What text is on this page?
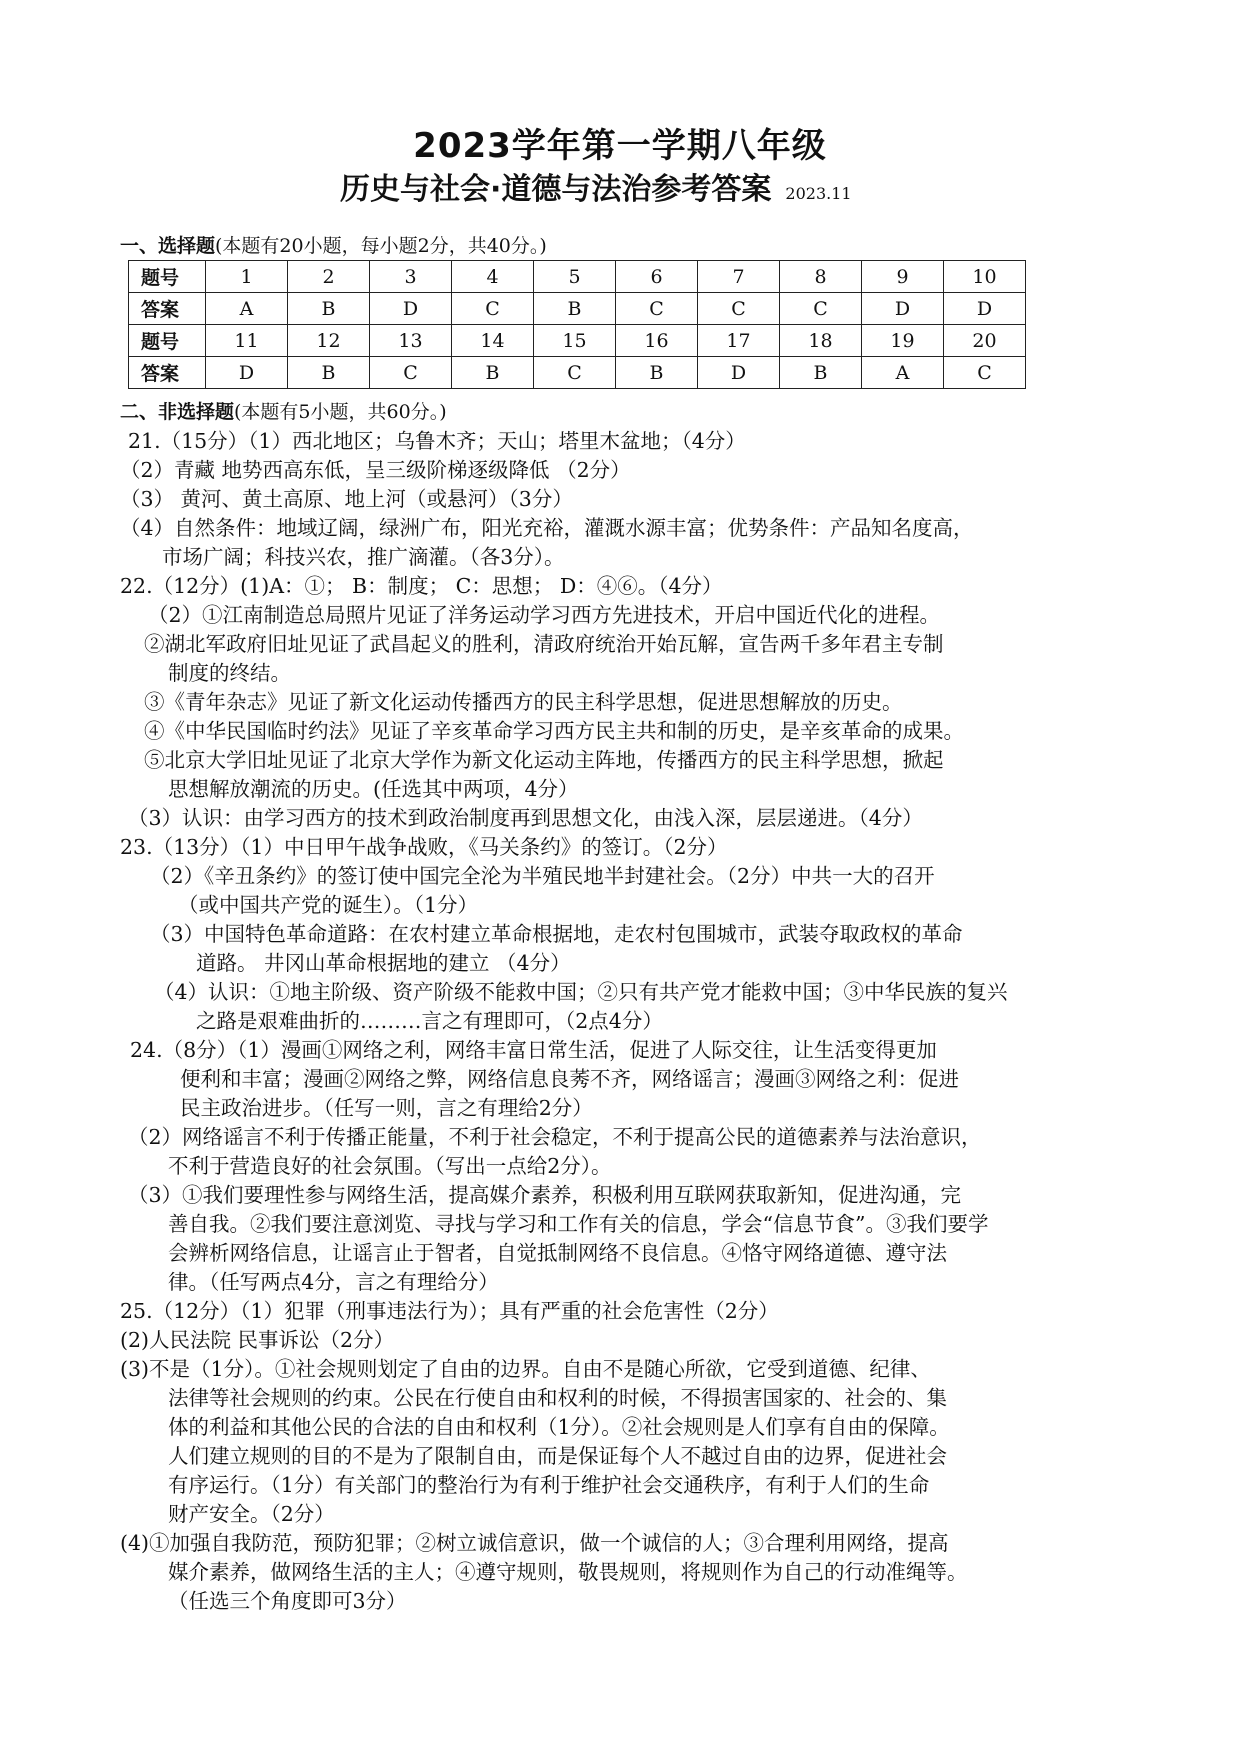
2023学年第一学期八年级
历史与社会·道德与法治参考答案 2023.11
一、选择题(本题有20小题，每小题2分，共40分。)
题号	1	2	3	4	5	6	7	8	9	10
答案	A	B	D	C	B	C	C	C	D	D
题号	11	12	13	14	15	16	17	18	19	20
答案	D	B	C	B	C	B	D	B	A	C
二、非选择题(本题有5小题，共60分。)
21.（15分）（1）西北地区；乌鲁木齐；天山；塔里木盆地；（4分）
（2）青藏 地势西高东低，呈三级阶梯逐级降低 （2分）
（3） 黄河、黄土高原、地上河（或悬河）（3分）
（4）自然条件：地域辽阔，绿洲广布，阳光充裕，灌溉水源丰富；优势条件：产品知名度高，
市场广阔；科技兴农，推广滴灌。（各3分）。
22.（12分）(1)A：①； B：制度； C：思想； D：④⑥。（4分）
（2）①江南制造总局照片见证了洋务运动学习西方先进技术，开启中国近代化的进程。
②湖北军政府旧址见证了武昌起义的胜利，清政府统治开始瓦解，宣告两千多年君主专制
制度的终结。
③《青年杂志》见证了新文化运动传播西方的民主科学思想，促进思想解放的历史。
④《中华民国临时约法》见证了辛亥革命学习西方民主共和制的历史，是辛亥革命的成果。
⑤北京大学旧址见证了北京大学作为新文化运动主阵地，传播西方的民主科学思想，掀起
思想解放潮流的历史。(任选其中两项，4分）
（3）认识：由学习西方的技术到政治制度再到思想文化，由浅入深，层层递进。（4分）
23.（13分）（1）中日甲午战争战败，《马关条约》的签订。（2分）
（2）《辛丑条约》的签订使中国完全沦为半殖民地半封建社会。（2分）中共一大的召开
（或中国共产党的诞生）。（1分）
（3）中国特色革命道路：在农村建立革命根据地，走农村包围城市，武装夺取政权的革命
道路。 井冈山革命根据地的建立 （4分）
（4）认识：①地主阶级、资产阶级不能救中国；②只有共产党才能救中国；③中华民族的复兴
之路是艰难曲折的………言之有理即可，（2点4分）
24.（8分）（1）漫画①网络之利，网络丰富日常生活，促进了人际交往，让生活变得更加
便利和丰富；漫画②网络之弊，网络信息良莠不齐，网络谣言；漫画③网络之利：促进
民主政治进步。（任写一则，言之有理给2分）
（2）网络谣言不利于传播正能量，不利于社会稳定，不利于提高公民的道德素养与法治意识，
不利于营造良好的社会氛围。（写出一点给2分）。
（3）①我们要理性参与网络生活，提高媒介素养，积极利用互联网获取新知，促进沟通，完
善自我。②我们要注意浏览、寻找与学习和工作有关的信息，学会“信息节食”。③我们要学
会辨析网络信息，让谣言止于智者，自觉抵制网络不良信息。④恪守网络道德、遵守法
律。（任写两点4分，言之有理给分）
25.（12分）（1）犯罪（刑事违法行为）；具有严重的社会危害性（2分）
(2)人民法院 民事诉讼（2分）
(3)不是（1分）。①社会规则划定了自由的边界。自由不是随心所欲，它受到道德、纪律、
法律等社会规则的约束。公民在行使自由和权利的时候，不得损害国家的、社会的、集
体的利益和其他公民的合法的自由和权利（1分）。②社会规则是人们享有自由的保障。
人们建立规则的目的不是为了限制自由，而是保证每个人不越过自由的边界，促进社会
有序运行。（1分）有关部门的整治行为有利于维护社会交通秩序，有利于人们的生命
财产安全。（2分）
(4)①加强自我防范，预防犯罪；②树立诚信意识，做一个诚信的人；③合理利用网络，提高
媒介素养，做网络生活的主人；④遵守规则，敬畏规则，将规则作为自己的行动准绳等。
（任选三个角度即可3分）
